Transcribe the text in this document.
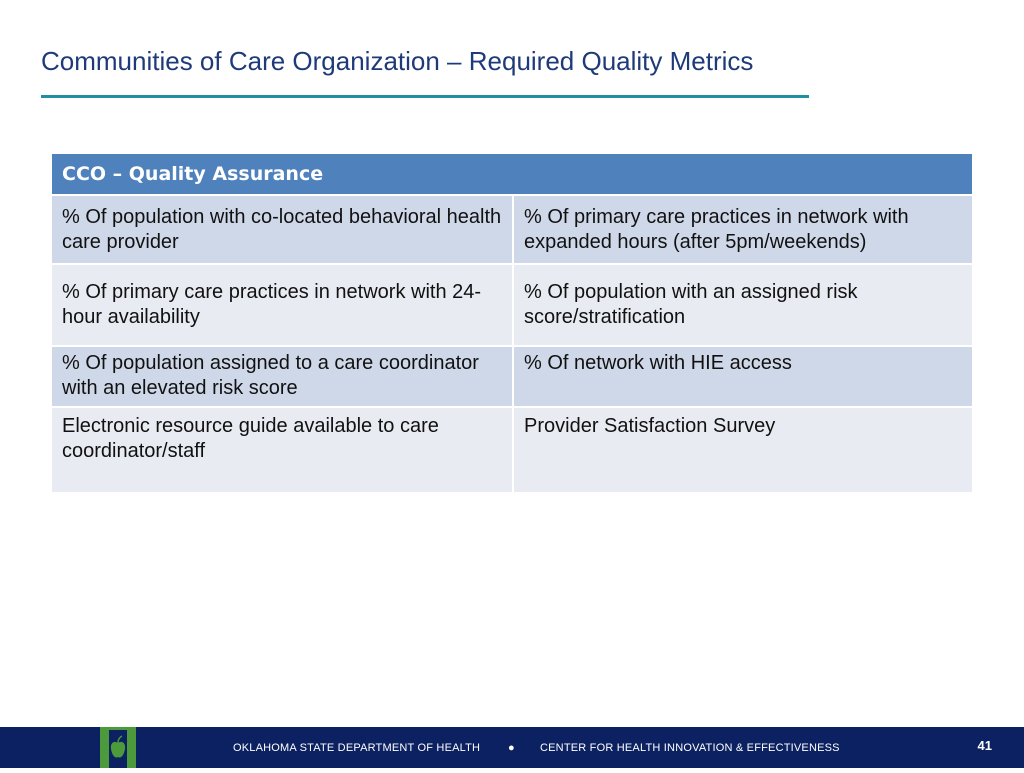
Communities of Care Organization – Required Quality Metrics
CCO – Quality Assurance
% Of population with co-located behavioral health care provider
% Of primary care practices in network with expanded hours (after 5pm/weekends)
% Of primary care practices in network with 24-hour availability
% Of population with an assigned risk score/stratification
% Of population assigned to a care coordinator with an elevated risk score
% Of network with HIE access
Electronic resource guide available to care coordinator/staff
Provider Satisfaction Survey
OKLAHOMA STATE DEPARTMENT OF HEALTH	● CENTER FOR HEALTH INNOVATION & EFFECTIVENESS	41
